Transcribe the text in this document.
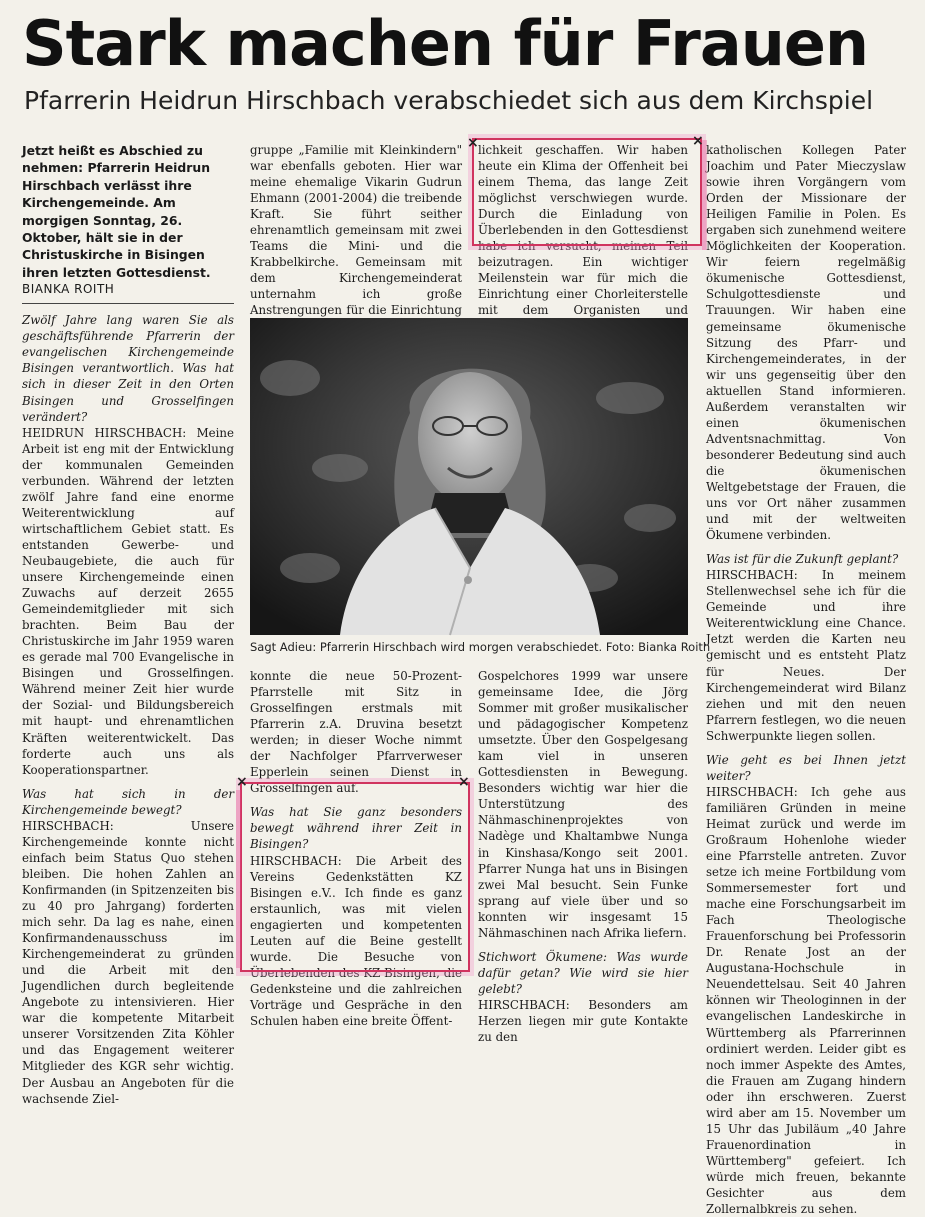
Stark machen für Frauen
Pfarrerin Heidrun Hirschbach verabschiedet sich aus dem Kirchspiel

Jetzt heißt es Abschied zu nehmen: Pfarrerin Heidrun Hirschbach verlässt ihre Kirchengemeinde. Am morgigen Sonntag, 26. Oktober, hält sie in der Christuskirche in Bisingen ihren letzten Gottesdienst.

BIANKA ROITH

Zwölf Jahre lang waren Sie als geschäftsführende Pfarrerin der evangelischen Kirchengemeinde Bisingen verantwortlich. Was hat sich in dieser Zeit in den Orten Bisingen und Grosselfingen verändert?

HEIDRUN HIRSCHBACH: Meine Arbeit ist eng mit der Entwicklung der kommunalen Gemeinden verbunden. Während der letzten zwölf Jahre fand eine enorme Weiterentwicklung auf wirtschaftlichem Gebiet statt. Es entstanden Gewerbe- und Neubaugebiete, die auch für unsere Kirchengemeinde einen Zuwachs auf derzeit 2655 Gemeindemitglieder mit sich brachten. Beim Bau der Christuskirche im Jahr 1959 waren es gerade mal 700 Evangelische in Bisingen und Grosselfingen. Während meiner Zeit hier wurde der Sozial- und Bildungsbereich mit haupt- und ehrenamtlichen Kräften weiterentwickelt. Das forderte auch uns als Kooperationspartner.

Was hat sich in der Kirchengemeinde bewegt?

HIRSCHBACH: Unsere Kirchengemeinde konnte nicht einfach beim Status Quo stehen bleiben. Die hohen Zahlen an Konfirmanden (in Spitzenzeiten bis zu 40 pro Jahrgang) forderten mich sehr. Da lag es nahe, einen Konfirmandenausschuss im Kirchengemeinderat zu gründen und die Arbeit mit den Jugendlichen durch begleitende Angebote zu intensivieren. Hier war die kompetente Mitarbeit unserer Vorsitzenden Zita Köhler und das Engagement weiterer Mitglieder des KGR sehr wichtig. Der Ausbau an Angeboten für die wachsende Ziel-

gruppe „Familie mit Kleinkindern" war ebenfalls geboten. Hier war meine ehemalige Vikarin Gudrun Ehmann (2001-2004) die treibende Kraft. Sie führt seither ehrenamtlich gemeinsam mit zwei Teams die Mini- und die Krabbelkirche. Gemeinsam mit dem Kirchengemeinderat unternahm ich große Anstrengungen für die Einrichtung

lichkeit geschaffen. Wir haben heute ein Klima der Offenheit bei einem Thema, das lange Zeit möglichst verschwiegen wurde. Durch die Einladung von Überlebenden in den Gottesdienst habe ich versucht, meinen Teil beizutragen. Ein wichtiger Meilenstein war für mich die Einrichtung einer Chorleiterstelle mit dem Organisten und

Sagt Adieu: Pfarrerin Hirschbach wird morgen verabschiedet. Foto: Bianka Roith

konnte die neue 50-Prozent-Pfarrstelle mit Sitz in Grosselfingen erstmals mit Pfarrerin z.A. Druvina besetzt werden; in dieser Woche nimmt der Nachfolger Pfarrverweser Epperlein seinen Dienst in Grosselfingen auf.

Was hat Sie ganz besonders bewegt während ihrer Zeit in Bisingen?

HIRSCHBACH: Die Arbeit des Vereins Gedenkstätten KZ Bisingen e.V.. Ich finde es ganz erstaunlich, was mit vielen engagierten und kompetenten Leuten auf die Beine gestellt wurde. Die Besuche von Überlebenden des KZ Bisingen, die Gedenksteine und die zahlreichen Vorträge und Gespräche in den Schulen haben eine breite Öffent-

Gospelchores 1999 war unsere gemeinsame Idee, die Jörg Sommer mit großer musikalischer und pädagogischer Kompetenz umsetzte. Über den Gospelgesang kam viel in unseren Gottesdiensten in Bewegung. Besonders wichtig war hier die Unterstützung des Nähmaschinenprojektes von Nadège und Khaltambwe Nunga in Kinshasa/Kongo seit 2001. Pfarrer Nunga hat uns in Bisingen zwei Mal besucht. Sein Funke sprang auf viele über und so konnten wir insgesamt 15 Nähmaschinen nach Afrika liefern.

Stichwort Ökumene: Was wurde dafür getan? Wie wird sie hier gelebt?

HIRSCHBACH: Besonders am Herzen liegen mir gute Kontakte zu den

katholischen Kollegen Pater Joachim und Pater Mieczyslaw sowie ihren Vorgängern vom Orden der Missionare der Heiligen Familie in Polen. Es ergaben sich zunehmend weitere Möglichkeiten der Kooperation. Wir feiern regelmäßig ökumenische Gottesdienst, Schulgottesdienste und Trauungen. Wir haben eine gemeinsame ökumenische Sitzung des Pfarr- und Kirchengemeinderates, in der wir uns gegenseitig über den aktuellen Stand informieren. Außerdem veranstalten wir einen ökumenischen Adventsnachmittag. Von besonderer Bedeutung sind auch die ökumenischen Weltgebetstage der Frauen, die uns vor Ort näher zusammen und mit der weltweiten Ökumene verbinden.

Was ist für die Zukunft geplant?

HIRSCHBACH: In meinem Stellenwechsel sehe ich für die Gemeinde und ihre Weiterentwicklung eine Chance. Jetzt werden die Karten neu gemischt und es entsteht Platz für Neues. Der Kirchengemeinderat wird Bilanz ziehen und mit den neuen Pfarrern festlegen, wo die neuen Schwerpunkte liegen sollen.

Wie geht es bei Ihnen jetzt weiter?

HIRSCHBACH: Ich gehe aus familiären Gründen in meine Heimat zurück und werde im Großraum Hohenlohe wieder eine Pfarrstelle antreten. Zuvor setze ich meine Fortbildung vom Sommersemester fort und mache eine Forschungsarbeit im Fach Theologische Frauenforschung bei Professorin Dr. Renate Jost an der Augustana-Hochschule in Neuendettelsau. Seit 40 Jahren können wir Theologinnen in der evangelischen Landeskirche in Württemberg als Pfarrerinnen ordiniert werden. Leider gibt es noch immer Aspekte des Amtes, die Frauen am Zugang hindern oder ihn erschweren. Zuerst wird aber am 15. November um 15 Uhr das Jubiläum „40 Jahre Frauenordination in Württemberg" gefeiert. Ich würde mich freuen, bekannte Gesichter aus dem Zollernalbkreis zu sehen.

×	×
×	×
